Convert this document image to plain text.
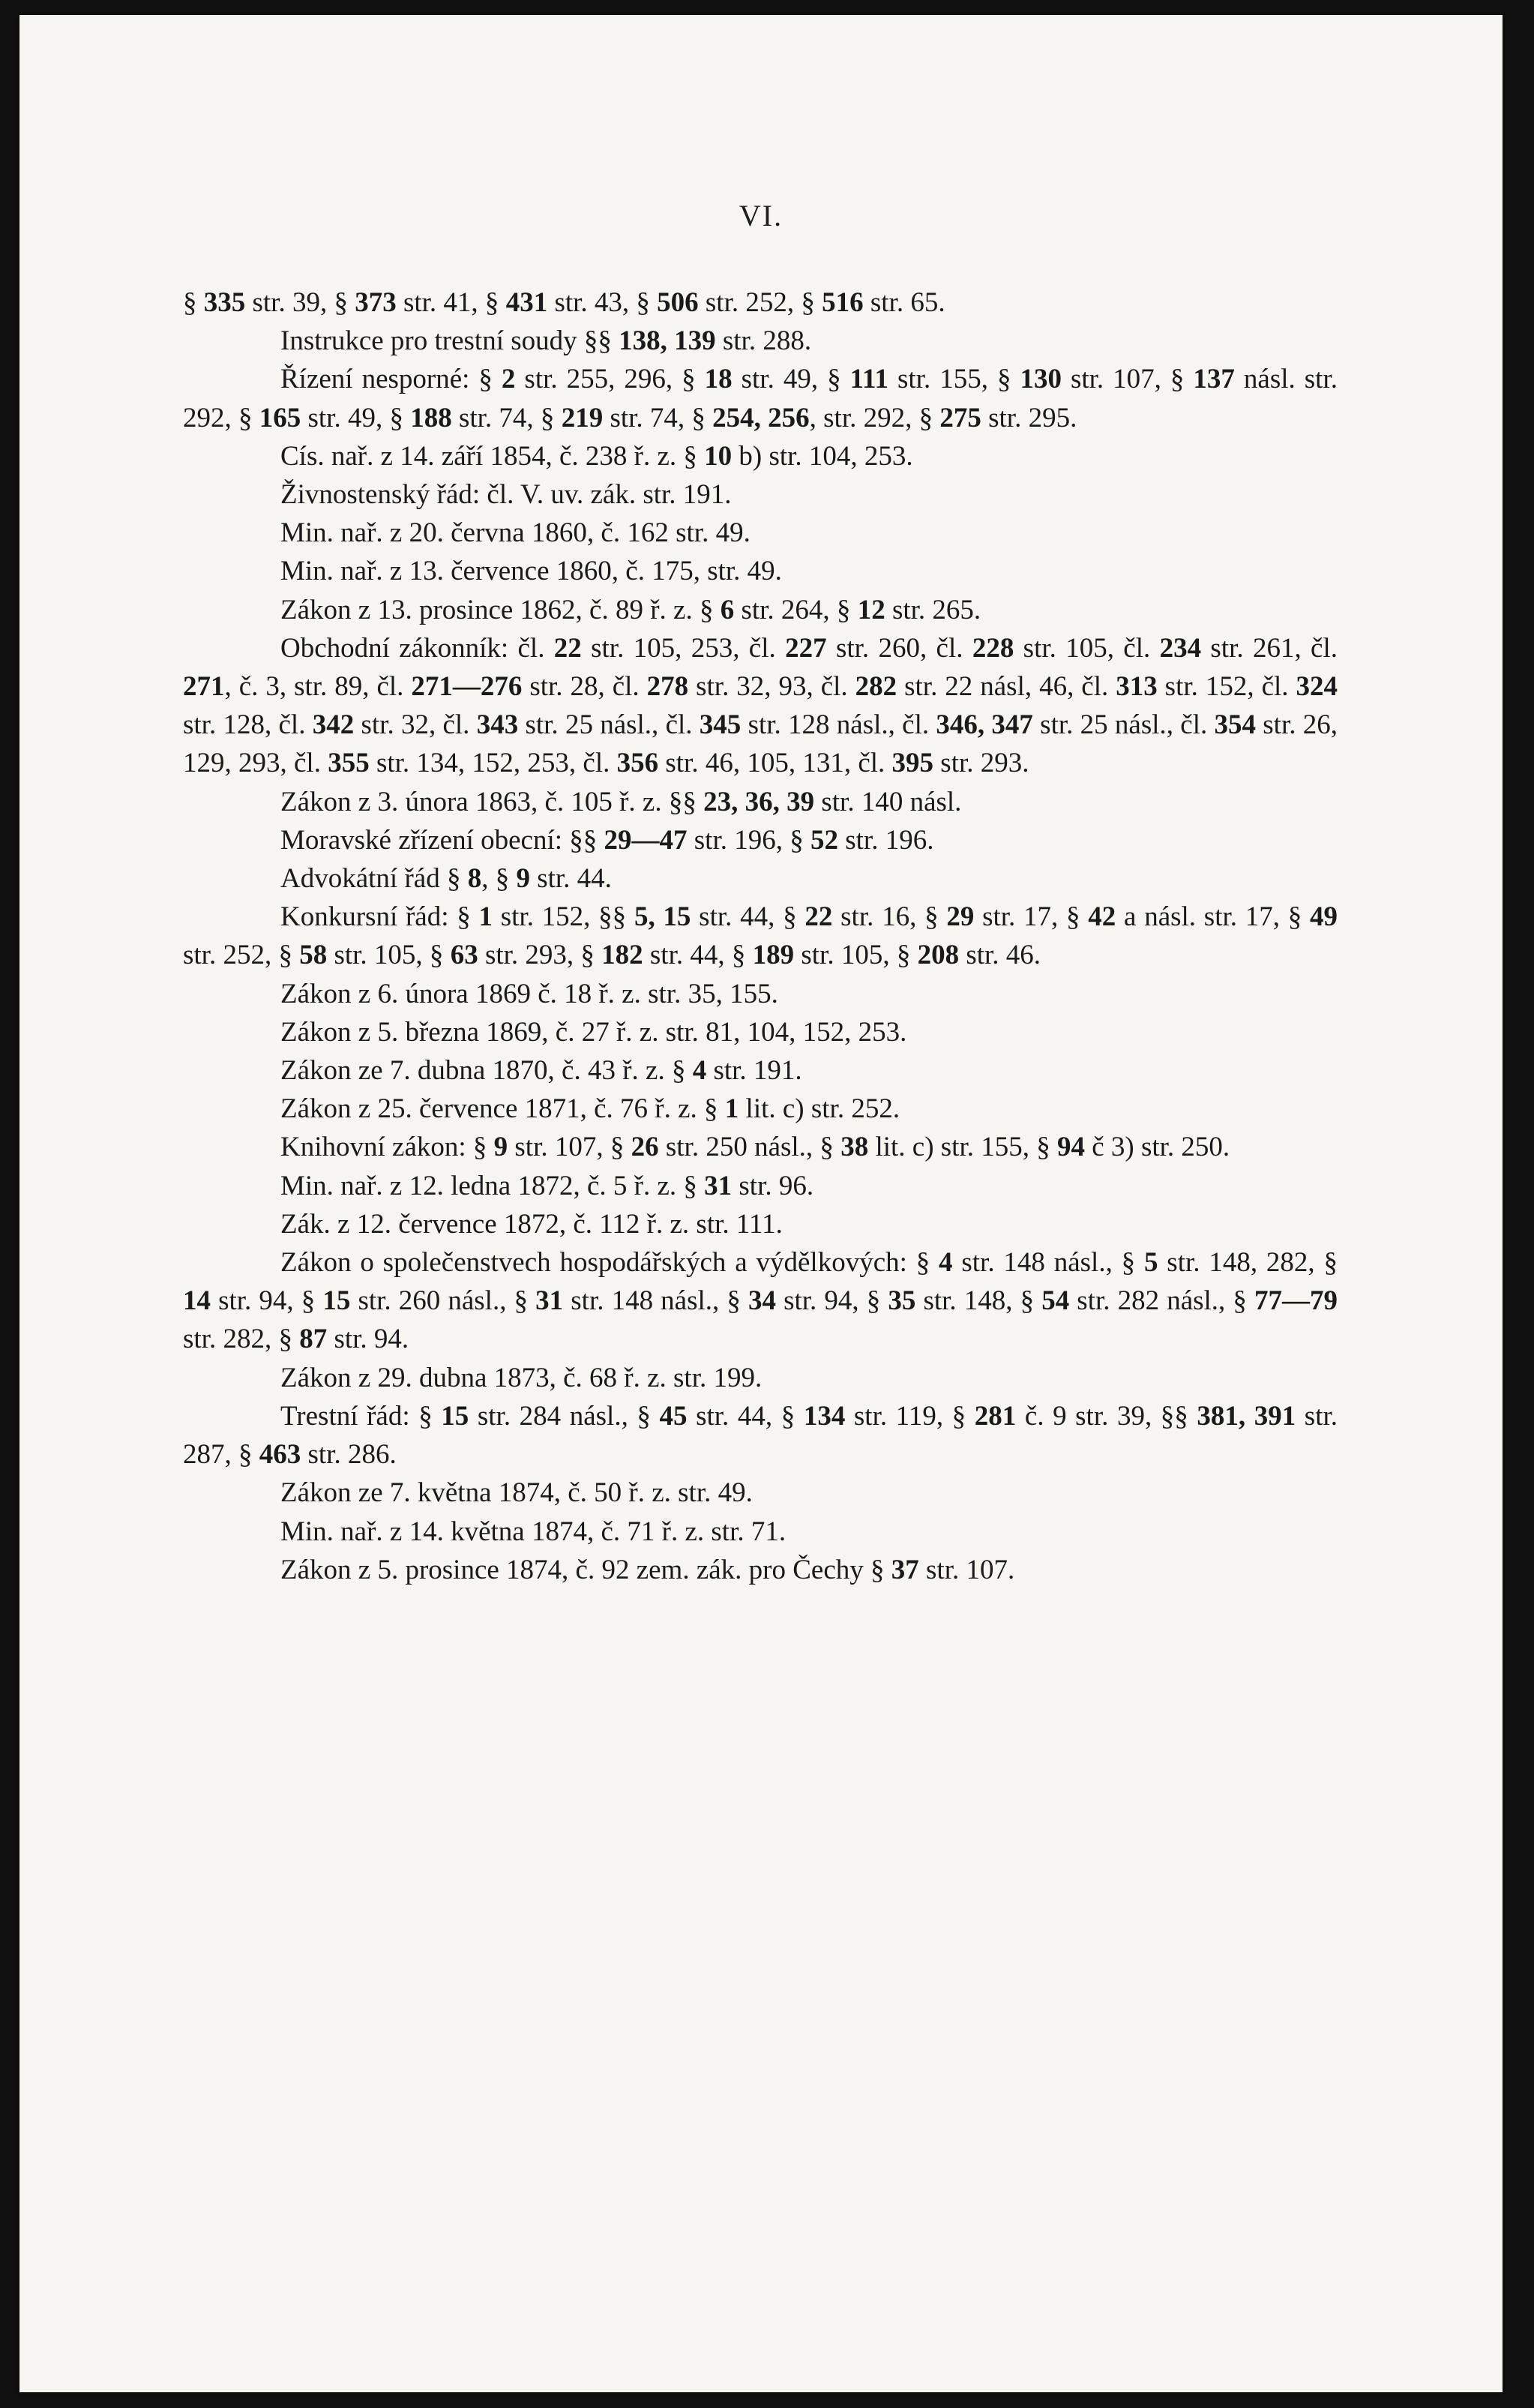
VI.

§ 335 str. 39, § 373 str. 41, § 431 str. 43, § 506 str. 252, § 516 str. 65.

Instrukce pro trestní soudy §§ 138, 139 str. 288.

Řízení nesporné: § 2 str. 255, 296, § 18 str. 49, § 111 str. 155, § 130 str. 107, § 137 násl. str. 292, § 165 str. 49, § 188 str. 74, § 219 str. 74, § 254, 256, str. 292, § 275 str. 295.

Cís. nař. z 14. září 1854, č. 238 ř. z. § 10 b) str. 104, 253.

Živnostenský řád: čl. V. uv. zák. str. 191.

Min. nař. z 20. června 1860, č. 162 str. 49.

Min. nař. z 13. července 1860, č. 175, str. 49.

Zákon z 13. prosince 1862, č. 89 ř. z. § 6 str. 264, § 12 str. 265.

Obchodní zákonník: čl. 22 str. 105, 253, čl. 227 str. 260, čl. 228 str. 105, čl. 234 str. 261, čl. 271, č. 3, str. 89, čl. 271—276 str. 28, čl. 278 str. 32, 93, čl. 282 str. 22 násl, 46, čl. 313 str. 152, čl. 324 str. 128, čl. 342 str. 32, čl. 343 str. 25 násl., čl. 345 str. 128 násl., čl. 346, 347 str. 25 násl., čl. 354 str. 26, 129, 293, čl. 355 str. 134, 152, 253, čl. 356 str. 46, 105, 131, čl. 395 str. 293.

Zákon z 3. února 1863, č. 105 ř. z. §§ 23, 36, 39 str. 140 násl.

Moravské zřízení obecní: §§ 29—47 str. 196, § 52 str. 196.

Advokátní řád § 8, § 9 str. 44.

Konkursní řád: § 1 str. 152, §§ 5, 15 str. 44, § 22 str. 16, § 29 str. 17, § 42 a násl. str. 17, § 49 str. 252, § 58 str. 105, § 63 str. 293, § 182 str. 44, § 189 str. 105, § 208 str. 46.

Zákon z 6. února 1869 č. 18 ř. z. str. 35, 155.

Zákon z 5. března 1869, č. 27 ř. z. str. 81, 104, 152, 253.

Zákon ze 7. dubna 1870, č. 43 ř. z. § 4 str. 191.

Zákon z 25. července 1871, č. 76 ř. z. § 1 lit. c) str. 252.

Knihovní zákon: § 9 str. 107, § 26 str. 250 násl., § 38 lit. c) str. 155, § 94 č 3) str. 250.

Min. nař. z 12. ledna 1872, č. 5 ř. z. § 31 str. 96.

Zák. z 12. července 1872, č. 112 ř. z. str. 111.

Zákon o společenstvech hospodářských a výdělkových: § 4 str. 148 násl., § 5 str. 148, 282, § 14 str. 94, § 15 str. 260 násl., § 31 str. 148 násl., § 34 str. 94, § 35 str. 148, § 54 str. 282 násl., § 77—79 str. 282, § 87 str. 94.

Zákon z 29. dubna 1873, č. 68 ř. z. str. 199.

Trestní řád: § 15 str. 284 násl., § 45 str. 44, § 134 str. 119, § 281 č. 9 str. 39, §§ 381, 391 str. 287, § 463 str. 286.

Zákon ze 7. května 1874, č. 50 ř. z. str. 49.

Min. nař. z 14. května 1874, č. 71 ř. z. str. 71.

Zákon z 5. prosince 1874, č. 92 zem. zák. pro Čechy § 37 str. 107.
